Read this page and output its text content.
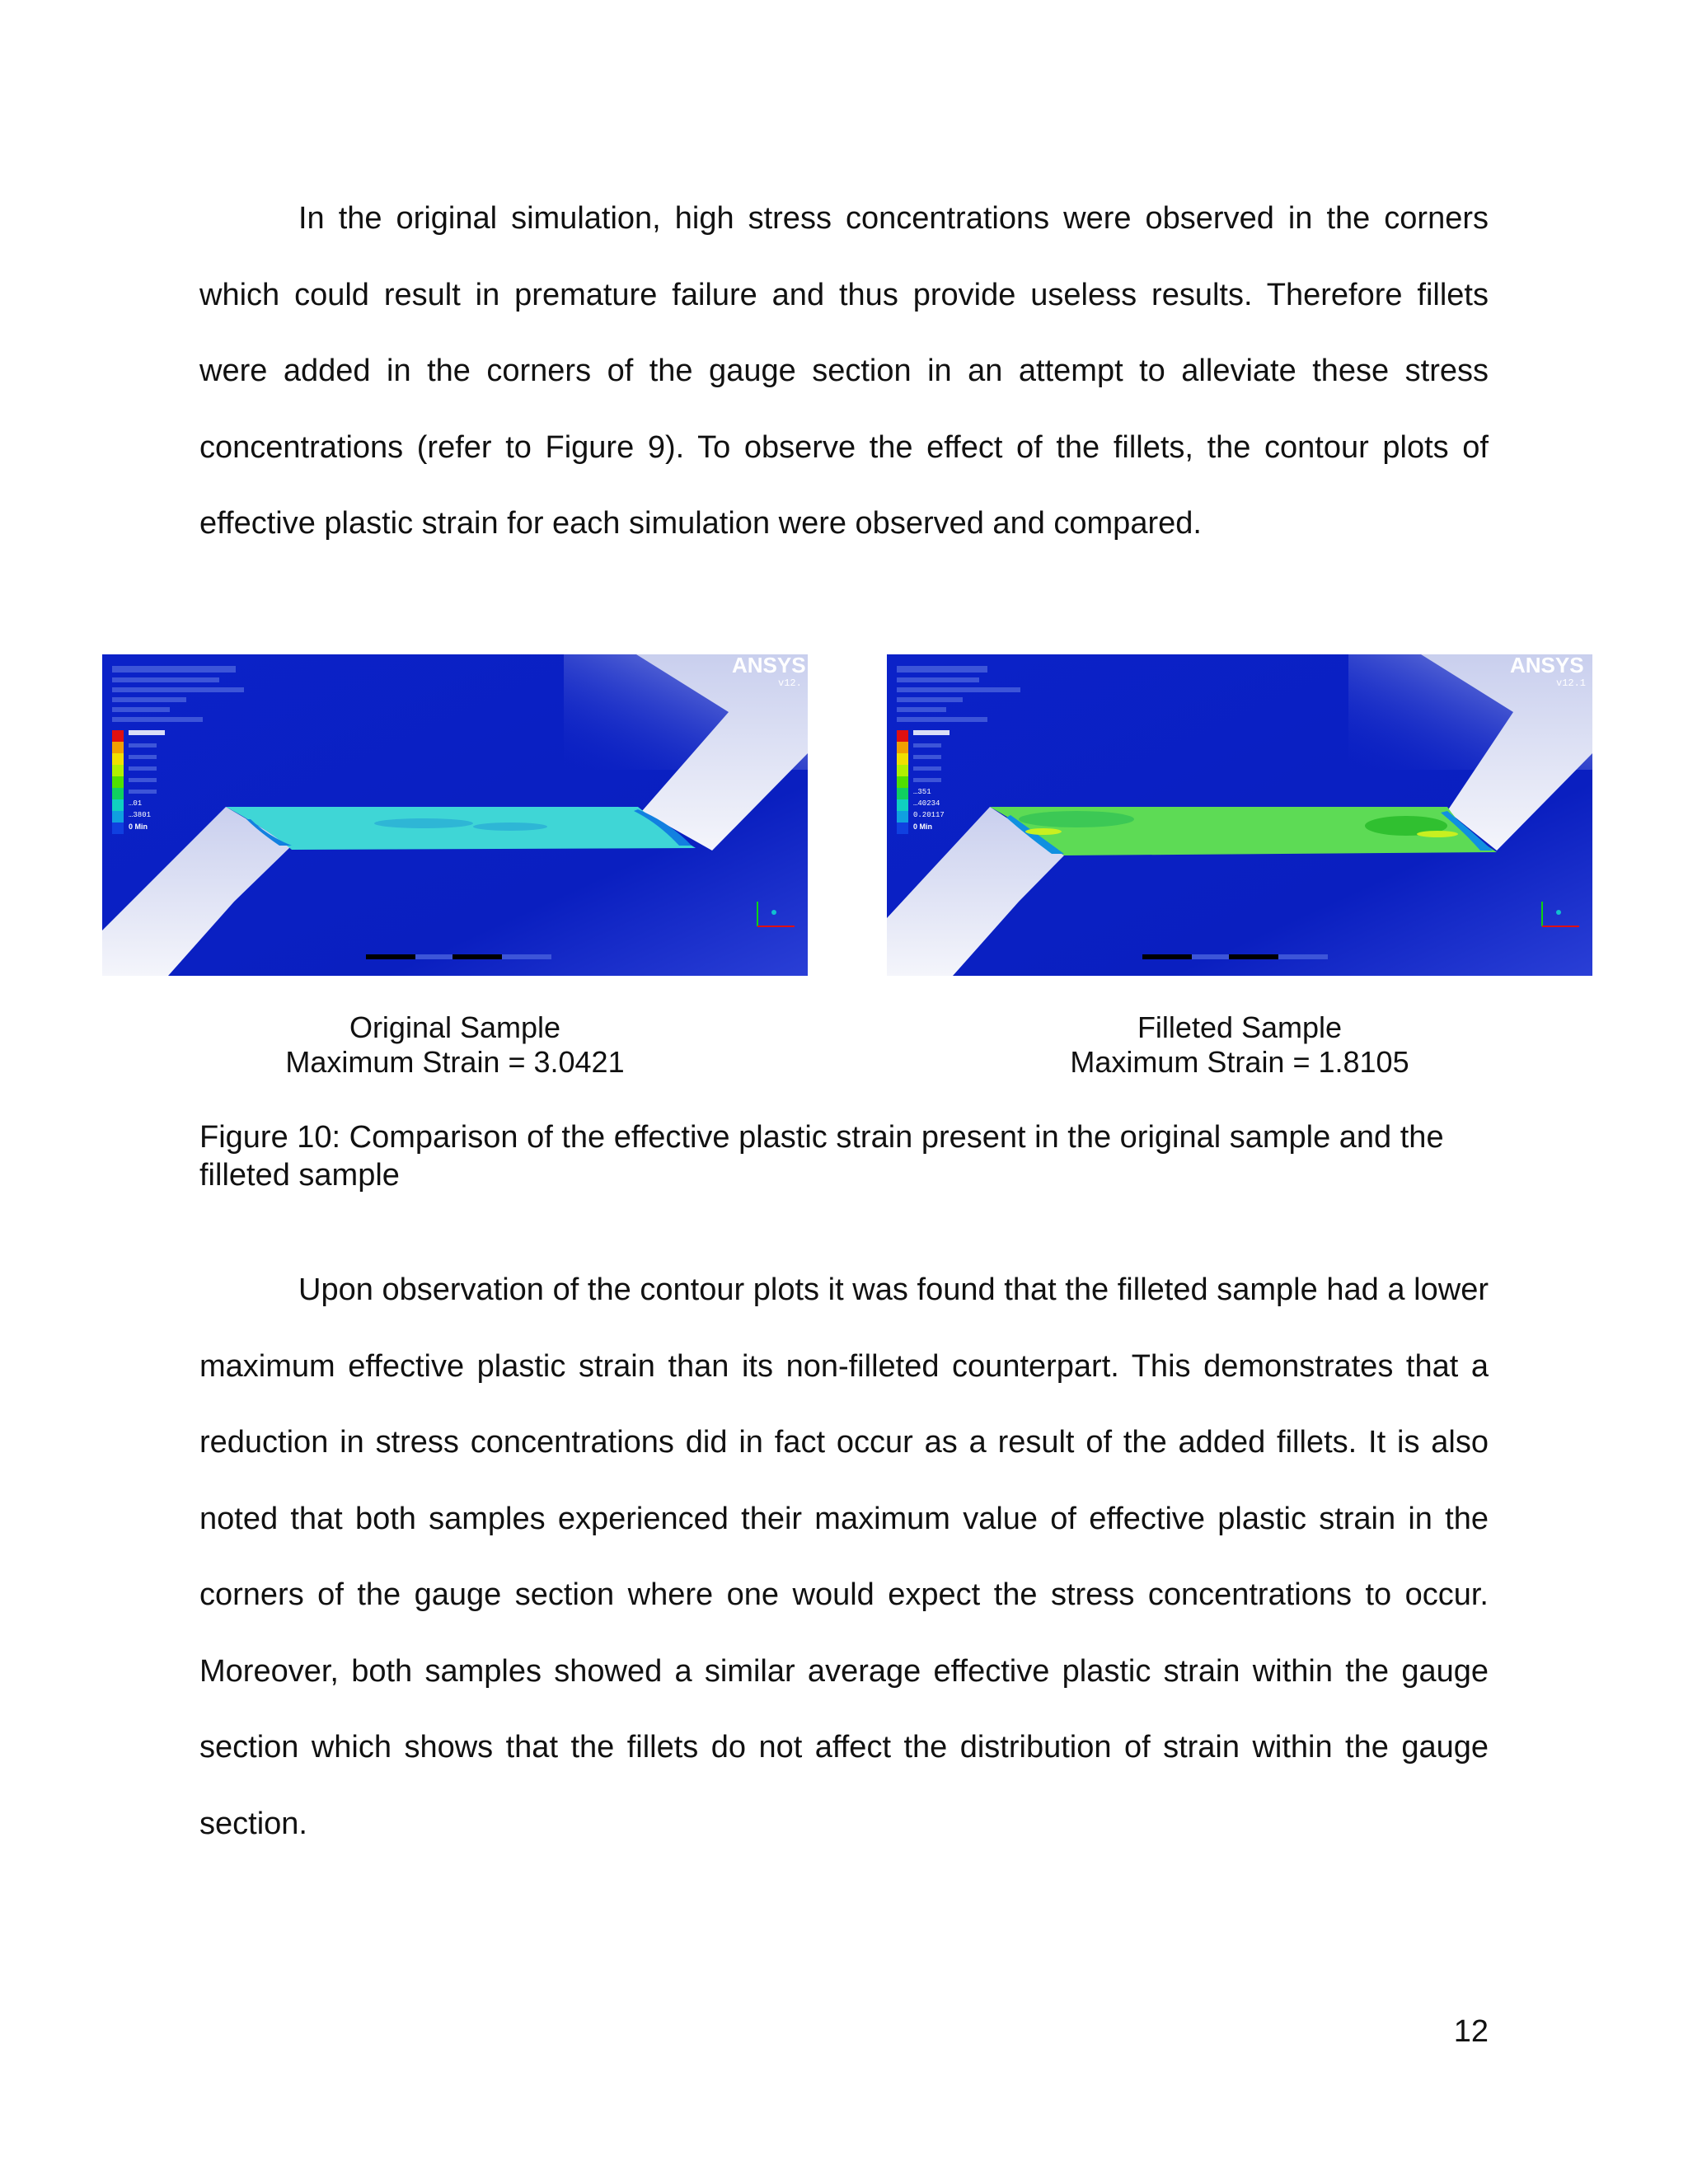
In the original simulation, high stress concentrations were observed in the corners which could result in premature failure and thus provide useless results. Therefore fillets were added in the corners of the gauge section in an attempt to alleviate these stress concentrations (refer to Figure 9). To observe the effect of the fillets, the contour plots of effective plastic strain for each simulation were observed and compared.

…01
…3801
0 Min
ANSYS
v12.
…351
…40234
0.20117
0 Min
ANSYS
v12.1
Original Sample
Maximum Strain = 3.0421
Filleted Sample
Maximum Strain = 1.8105

Figure 10: Comparison of the effective plastic strain present in the original sample and the filleted sample

Upon observation of the contour plots it was found that the filleted sample had a lower maximum effective plastic strain than its non-filleted counterpart. This demonstrates that a reduction in stress concentrations did in fact occur as a result of the added fillets. It is also noted that both samples experienced their maximum value of effective plastic strain in the corners of the gauge section where one would expect the stress concentrations to occur. Moreover, both samples showed a similar average effective plastic strain within the gauge section which shows that the fillets do not affect the distribution of strain within the gauge section.

12
